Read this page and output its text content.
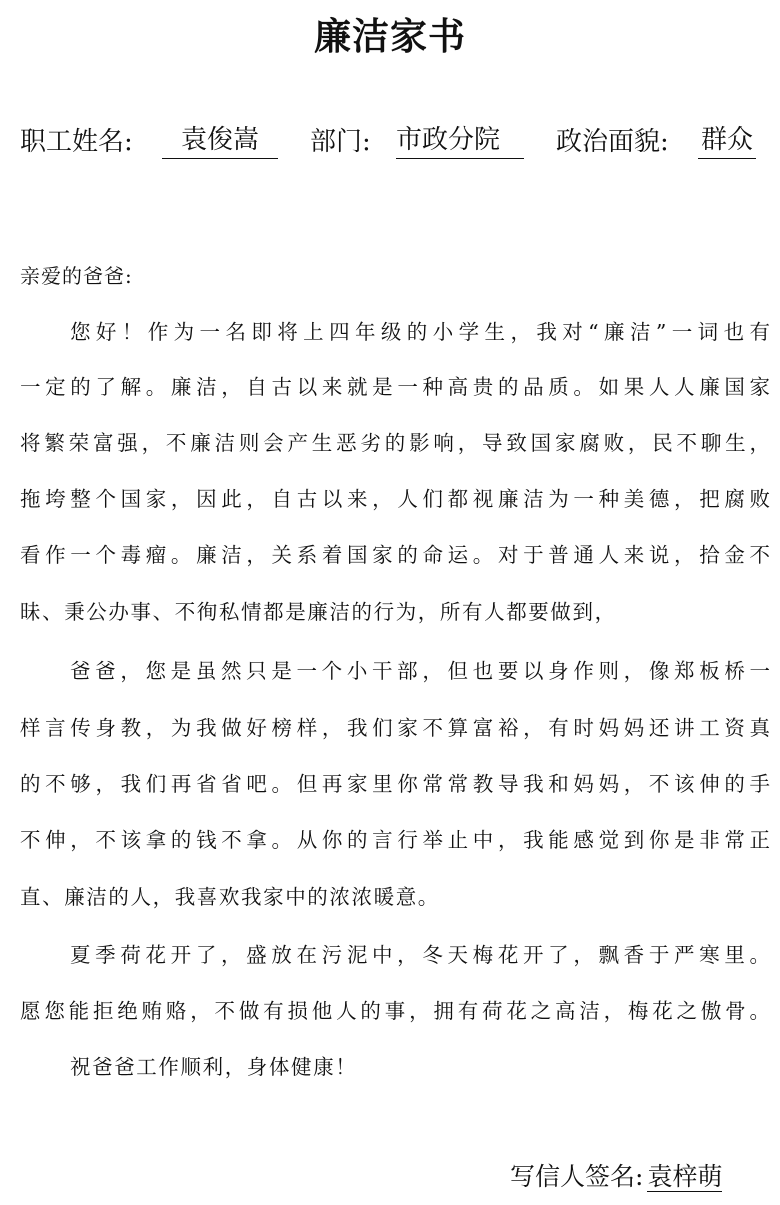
廉洁家书
职工姓名:	袁俊嵩	部门: 市政分院	政治面貌: 群众
亲爱的爸爸:
您好！作为一名即将上四年级的小学生，我对“廉洁”一词也有
一定的了解。廉洁，自古以来就是一种高贵的品质。如果人人廉国家
将繁荣富强，不廉洁则会产生恶劣的影响，导致国家腐败，民不聊生，
拖垮整个国家，因此，自古以来，人们都视廉洁为一种美德，把腐败
看作一个毒瘤。廉洁，关系着国家的命运。对于普通人来说，拾金不
昧、秉公办事、不徇私情都是廉洁的行为，所有人都要做到，
爸爸，您是虽然只是一个小干部，但也要以身作则，像郑板桥一
样言传身教，为我做好榜样，我们家不算富裕，有时妈妈还讲工资真
的不够，我们再省省吧。但再家里你常常教导我和妈妈，不该伸的手
不伸，不该拿的钱不拿。从你的言行举止中，我能感觉到你是非常正
直、廉洁的人，我喜欢我家中的浓浓暖意。
夏季荷花开了，盛放在污泥中，冬天梅花开了，飘香于严寒里。
愿您能拒绝贿赂，不做有损他人的事，拥有荷花之高洁，梅花之傲骨。
祝爸爸工作顺利，身体健康！
写信人签名: 袁梓萌
